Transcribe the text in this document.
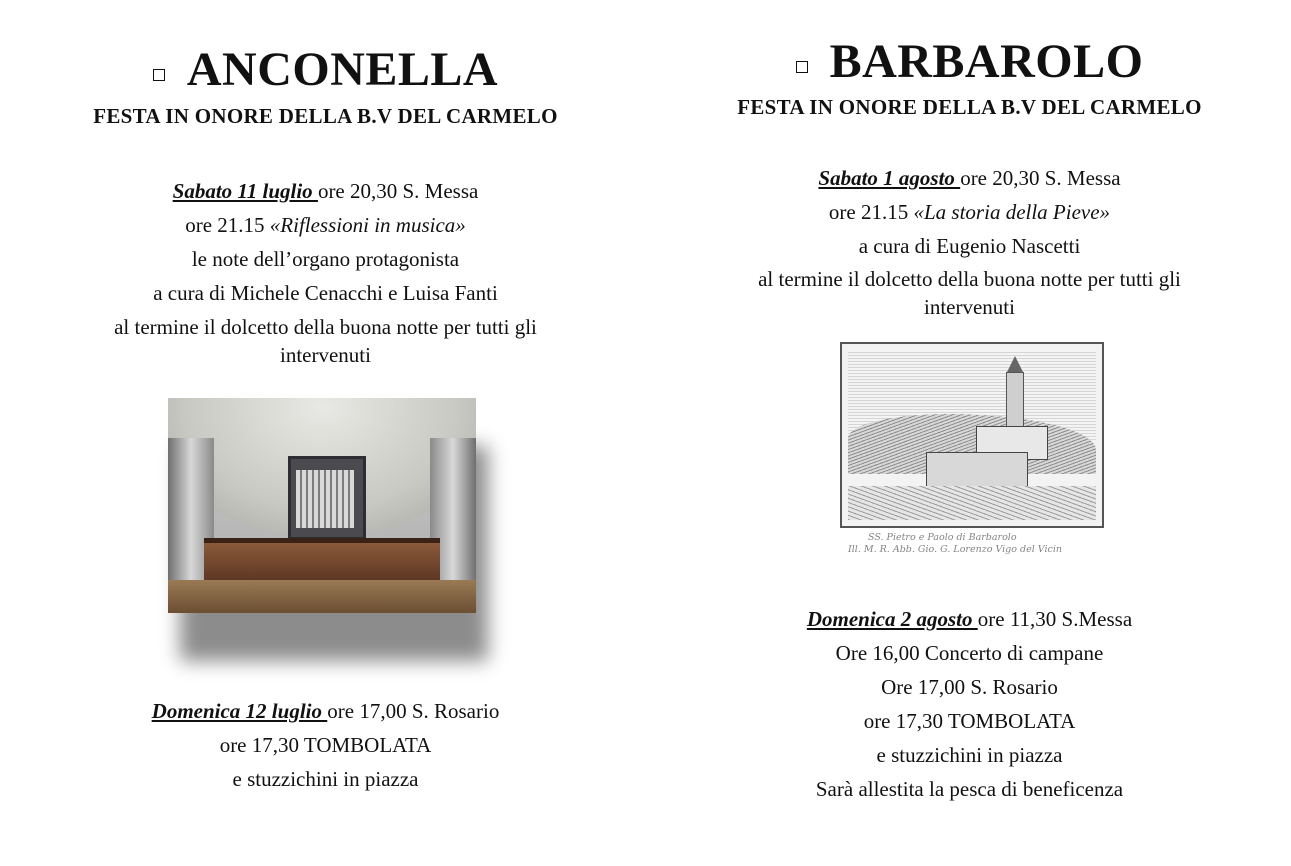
ANCONELLA
FESTA IN ONORE DELLA B.V DEL CARMELO
Sabato 11 luglio ore 20,30 S. Messa
ore 21.15 «Riflessioni in musica»
le note dell’organo protagonista
a cura di Michele Cenacchi e Luisa Fanti
al termine il dolcetto della buona notte per tutti gli
intervenuti
Domenica 12 luglio ore 17,00 S. Rosario
ore 17,30 TOMBOLATA
e stuzzichini in piazza
BARBAROLO
FESTA IN ONORE DELLA B.V DEL CARMELO
Sabato 1 agosto ore 20,30 S. Messa
ore 21.15 «La storia della Pieve»
a cura di Eugenio Nascetti
al termine il dolcetto della buona notte per tutti gli
intervenuti
Domenica 2 agosto ore 11,30 S.Messa
Ore 16,00 Concerto di campane
Ore 17,00 S. Rosario
ore 17,30 TOMBOLATA
e stuzzichini in piazza
Sarà allestita la pesca di beneficenza
SS. Pietro e Paolo di Barbarolo
Ill. M. R. Abb. Gio. G. Lorenzo Vigo del Vicin
